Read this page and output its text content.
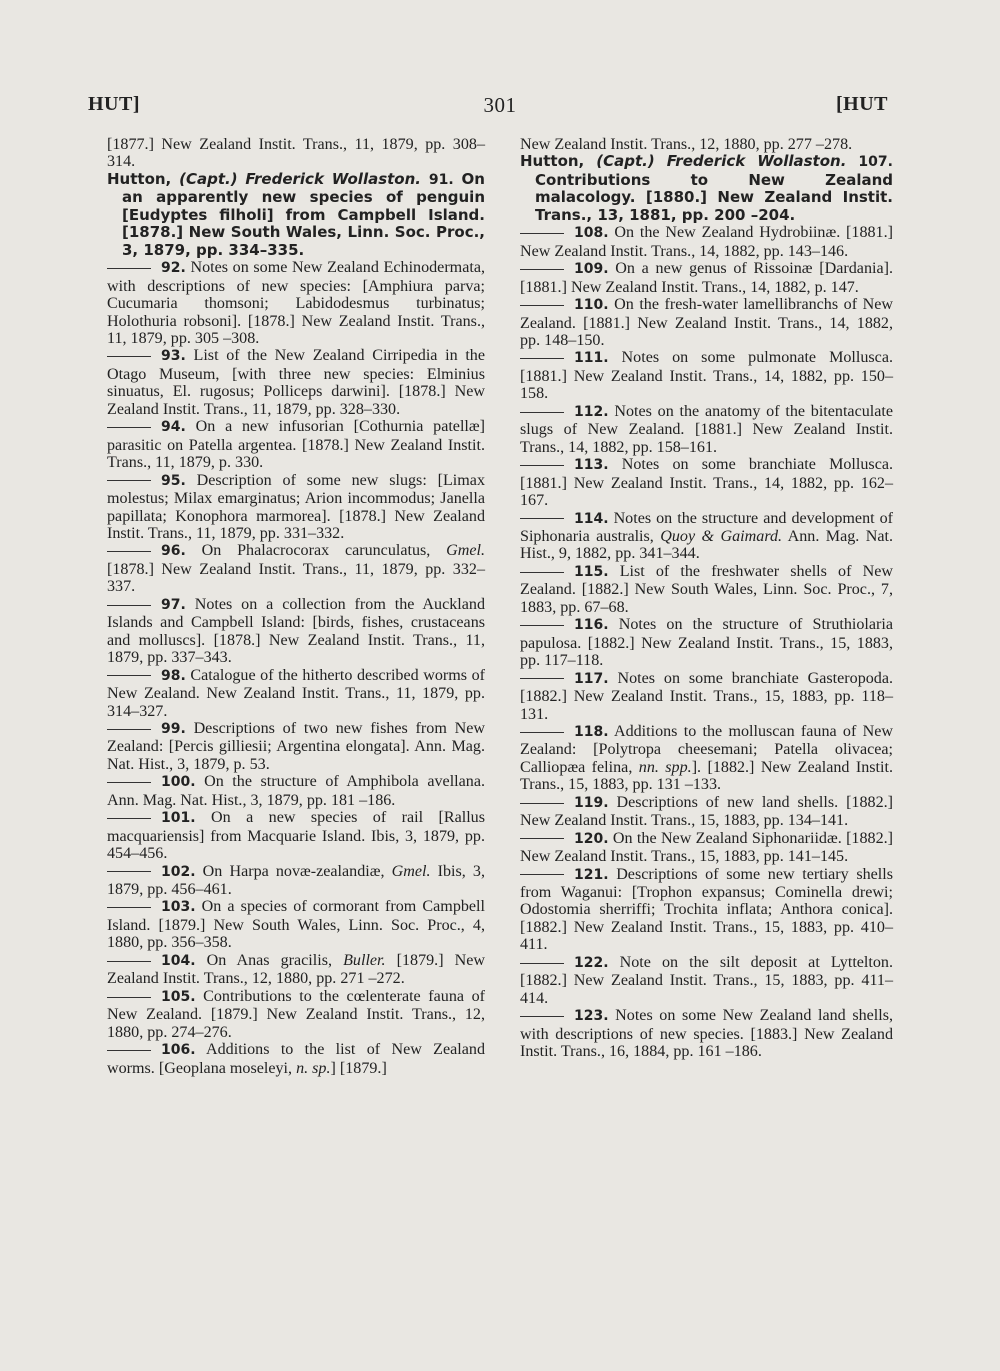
HUT]	301	[HUT

[1877.] New Zealand Instit. Trans., 11, 1879, pp. 308–314.

Hutton, (Capt.) Frederick Wollaston. 91. On an apparently new species of penguin [Eudyptes filholi] from Campbell Island. [1878.] New South Wales, Linn. Soc. Proc., 3, 1879, pp. 334–335.

92. Notes on some New Zealand Echinodermata, with descriptions of new species: [Amphiura parva; Cucumaria thomsoni; Labidodesmus turbinatus; Holothuria robsoni]. [1878.] New Zealand Instit. Trans., 11, 1879, pp. 305 –308.

93. List of the New Zealand Cirripedia in the Otago Museum, [with three new species: Elminius sinuatus, El. rugosus; Polliceps darwini]. [1878.] New Zealand Instit. Trans., 11, 1879, pp. 328–330.

94. On a new infusorian [Cothurnia patellæ] parasitic on Patella argentea. [1878.] New Zealand Instit. Trans., 11, 1879, p. 330.

95. Description of some new slugs: [Limax molestus; Milax emarginatus; Arion incommodus; Janella papillata; Konophora marmorea]. [1878.] New Zealand Instit. Trans., 11, 1879, pp. 331–332.

96. On Phalacrocorax carunculatus, Gmel. [1878.] New Zealand Instit. Trans., 11, 1879, pp. 332–337.

97. Notes on a collection from the Auckland Islands and Campbell Island: [birds, fishes, crustaceans and molluscs]. [1878.] New Zealand Instit. Trans., 11, 1879, pp. 337–343.

98. Catalogue of the hitherto described worms of New Zealand. New Zealand Instit. Trans., 11, 1879, pp. 314–327.

99. Descriptions of two new fishes from New Zealand: [Percis gilliesii; Argentina elongata]. Ann. Mag. Nat. Hist., 3, 1879, p. 53.

100. On the structure of Amphibola avellana. Ann. Mag. Nat. Hist., 3, 1879, pp. 181 –186.

101. On a new species of rail [Rallus macquariensis] from Macquarie Island. Ibis, 3, 1879, pp. 454–456.

102. On Harpa novæ-zealandiæ, Gmel. Ibis, 3, 1879, pp. 456–461.

103. On a species of cormorant from Campbell Island. [1879.] New South Wales, Linn. Soc. Proc., 4, 1880, pp. 356–358.

104. On Anas gracilis, Buller. [1879.] New Zealand Instit. Trans., 12, 1880, pp. 271 –272.

105. Contributions to the cœlenterate fauna of New Zealand. [1879.] New Zealand Instit. Trans., 12, 1880, pp. 274–276.

106. Additions to the list of New Zealand worms. [Geoplana moseleyi, n. sp.] [1879.]

New Zealand Instit. Trans., 12, 1880, pp. 277 –278.

Hutton, (Capt.) Frederick Wollaston. 107. Contributions to New Zealand malacology. [1880.] New Zealand Instit. Trans., 13, 1881, pp. 200 –204.

108. On the New Zealand Hydrobiinæ. [1881.] New Zealand Instit. Trans., 14, 1882, pp. 143–146.

109. On a new genus of Rissoinæ [Dardania]. [1881.] New Zealand Instit. Trans., 14, 1882, p. 147.

110. On the fresh-water lamellibranchs of New Zealand. [1881.] New Zealand Instit. Trans., 14, 1882, pp. 148–150.

111. Notes on some pulmonate Mollusca. [1881.] New Zealand Instit. Trans., 14, 1882, pp. 150–158.

112. Notes on the anatomy of the bitentaculate slugs of New Zealand. [1881.] New Zealand Instit. Trans., 14, 1882, pp. 158–161.

113. Notes on some branchiate Mollusca. [1881.] New Zealand Instit. Trans., 14, 1882, pp. 162–167.

114. Notes on the structure and development of Siphonaria australis, Quoy & Gaimard. Ann. Mag. Nat. Hist., 9, 1882, pp. 341–344.

115. List of the freshwater shells of New Zealand. [1882.] New South Wales, Linn. Soc. Proc., 7, 1883, pp. 67–68.

116. Notes on the structure of Struthiolaria papulosa. [1882.] New Zealand Instit. Trans., 15, 1883, pp. 117–118.

117. Notes on some branchiate Gasteropoda. [1882.] New Zealand Instit. Trans., 15, 1883, pp. 118–131.

118. Additions to the molluscan fauna of New Zealand: [Polytropa cheesemani; Patella olivacea; Calliopæa felina, nn. spp.]. [1882.] New Zealand Instit. Trans., 15, 1883, pp. 131 –133.

119. Descriptions of new land shells. [1882.] New Zealand Instit. Trans., 15, 1883, pp. 134–141.

120. On the New Zealand Siphonariidæ. [1882.] New Zealand Instit. Trans., 15, 1883, pp. 141–145.

121. Descriptions of some new tertiary shells from Waganui: [Trophon expansus; Cominella drewi; Odostomia sherriffi; Trochita inflata; Anthora conica]. [1882.] New Zealand Instit. Trans., 15, 1883, pp. 410–411.

122. Note on the silt deposit at Lyttelton. [1882.] New Zealand Instit. Trans., 15, 1883, pp. 411–414.

123. Notes on some New Zealand land shells, with descriptions of new species. [1883.] New Zealand Instit. Trans., 16, 1884, pp. 161 –186.
